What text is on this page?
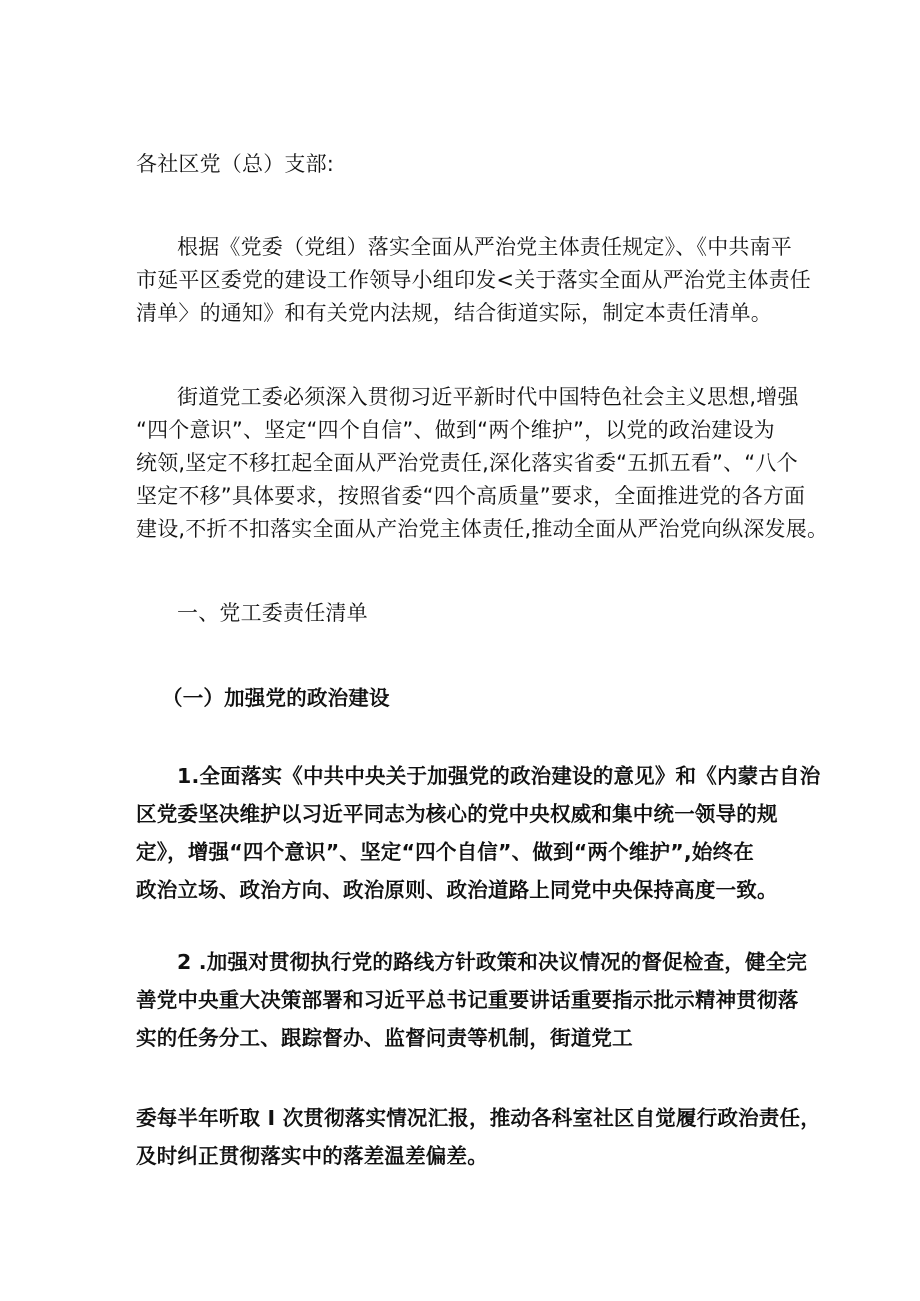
各社区党（总）支部:
根据《党委（党组）落实全面从严治党主体责任规定》、《中共南平
市延平区委党的建设工作领导小组印发<关于落实全面从严治党主体责任
清单〉的通知》和有关党内法规，结合街道实际，制定本责任清单。
街道党工委必须深入贯彻习近平新时代中国特色社会主义思想,增强
“四个意识”、坚定“四个自信”、做到“两个维护”，以党的政治建设为
统领,坚定不移扛起全面从严治党责任,深化落实省委“五抓五看”、“八个
坚定不移”具体要求，按照省委“四个高质量”要求，全面推进党的各方面
建设,不折不扣落实全面从产治党主体责任,推动全面从严治党向纵深发展。
一、党工委责任清单
（一）加强党的政治建设
1.全面落实《中共中央关于加强党的政治建设的意见》和《内蒙古自治
区党委坚决维护以习近平同志为核心的党中央权威和集中统一领导的规
定》，增强“四个意识”、坚定“四个自信”、做到“两个维护”,始终在
政治立场、政治方向、政治原则、政治道路上同党中央保持高度一致。
2 .加强对贯彻执行党的路线方针政策和决议情况的督促检查，健全完
善党中央重大决策部署和习近平总书记重要讲话重要指示批示精神贯彻落
实的任务分工、跟踪督办、监督问责等机制，街道党工
委每半年听取 I 次贯彻落实情况汇报，推动各科室社区自觉履行政治责任，
及时纠正贯彻落实中的落差温差偏差。
